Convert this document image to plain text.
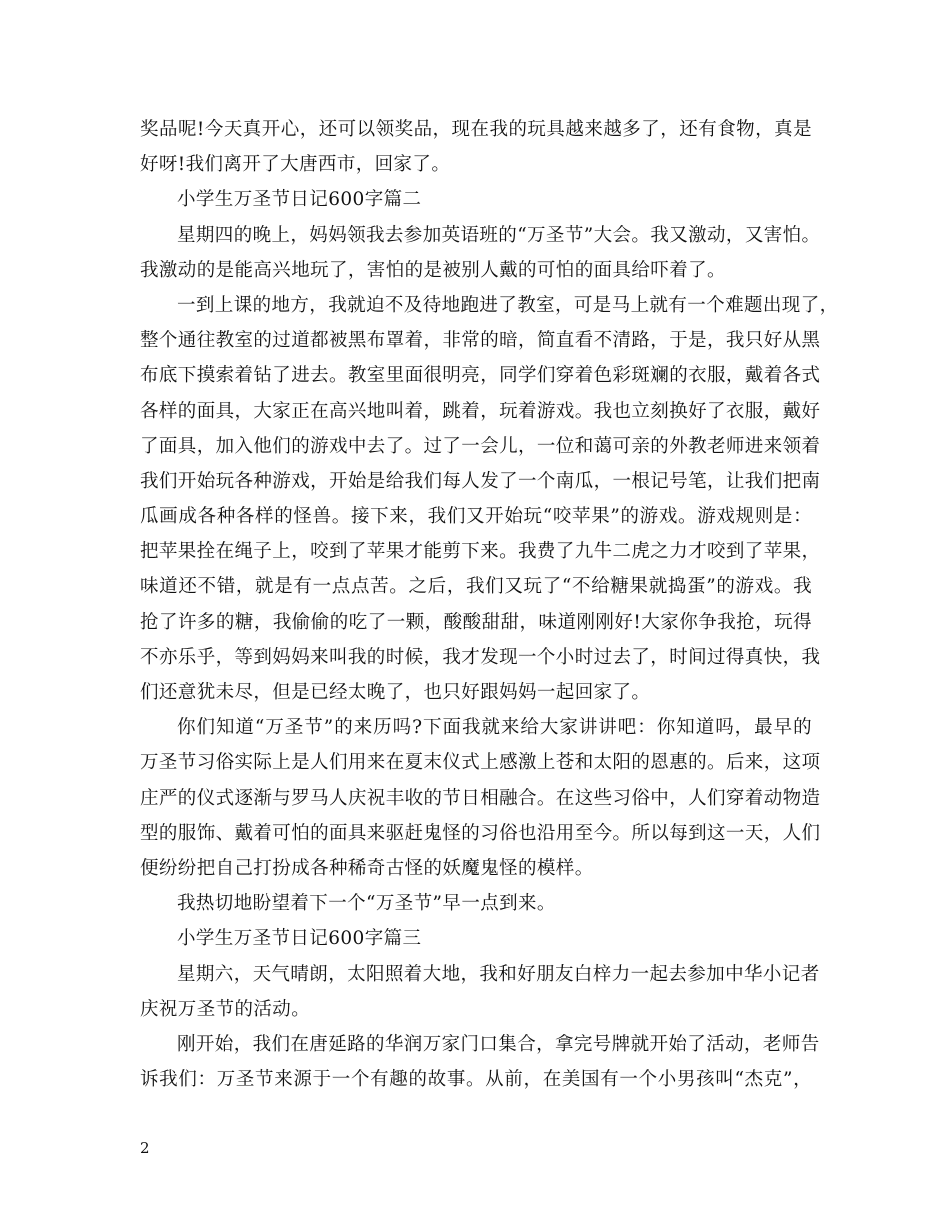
奖品呢!今天真开心，还可以领奖品，现在我的玩具越来越多了，还有食物，真是
好呀!我们离开了大唐西市，回家了。
小学生万圣节日记600字篇二
星期四的晚上，妈妈领我去参加英语班的“万圣节”大会。我又激动，又害怕。
我激动的是能高兴地玩了，害怕的是被别人戴的可怕的面具给吓着了。
一到上课的地方，我就迫不及待地跑进了教室，可是马上就有一个难题出现了，
整个通往教室的过道都被黑布罩着，非常的暗，简直看不清路，于是，我只好从黑
布底下摸索着钻了进去。教室里面很明亮，同学们穿着色彩斑斓的衣服，戴着各式
各样的面具，大家正在高兴地叫着，跳着，玩着游戏。我也立刻换好了衣服，戴好
了面具，加入他们的游戏中去了。过了一会儿，一位和蔼可亲的外教老师进来领着
我们开始玩各种游戏，开始是给我们每人发了一个南瓜，一根记号笔，让我们把南
瓜画成各种各样的怪兽。接下来，我们又开始玩“咬苹果”的游戏。游戏规则是：
把苹果拴在绳子上，咬到了苹果才能剪下来。我费了九牛二虎之力才咬到了苹果，
味道还不错，就是有一点点苦。之后，我们又玩了“不给糖果就捣蛋”的游戏。我
抢了许多的糖，我偷偷的吃了一颗，酸酸甜甜，味道刚刚好!大家你争我抢，玩得
不亦乐乎，等到妈妈来叫我的时候，我才发现一个小时过去了，时间过得真快，我
们还意犹未尽，但是已经太晚了，也只好跟妈妈一起回家了。
你们知道“万圣节”的来历吗?下面我就来给大家讲讲吧：你知道吗，最早的
万圣节习俗实际上是人们用来在夏末仪式上感激上苍和太阳的恩惠的。后来，这项
庄严的仪式逐渐与罗马人庆祝丰收的节日相融合。在这些习俗中，人们穿着动物造
型的服饰、戴着可怕的面具来驱赶鬼怪的习俗也沿用至今。所以每到这一天，人们
便纷纷把自己打扮成各种稀奇古怪的妖魔鬼怪的模样。
我热切地盼望着下一个“万圣节”早一点到来。
小学生万圣节日记600字篇三
星期六，天气晴朗，太阳照着大地，我和好朋友白梓力一起去参加中华小记者
庆祝万圣节的活动。
刚开始，我们在唐延路的华润万家门口集合，拿完号牌就开始了活动，老师告
诉我们：万圣节来源于一个有趣的故事。从前，在美国有一个小男孩叫“杰克”，
2
